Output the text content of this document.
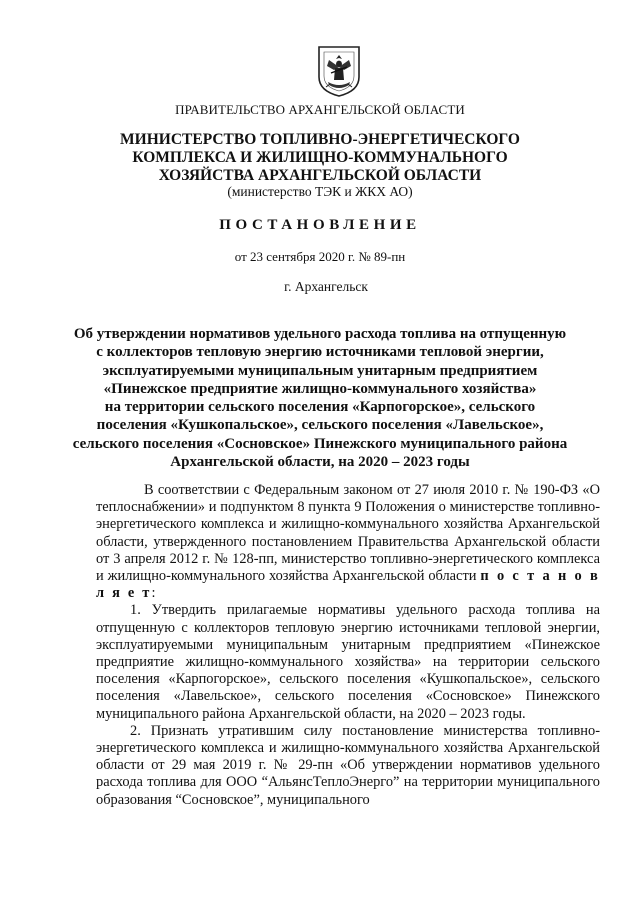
ПРАВИТЕЛЬСТВО АРХАНГЕЛЬСКОЙ ОБЛАСТИ
МИНИСТЕРСТВО ТОПЛИВНО-ЭНЕРГЕТИЧЕСКОГО
КОМПЛЕКСА И ЖИЛИЩНО-КОММУНАЛЬНОГО
ХОЗЯЙСТВА АРХАНГЕЛЬСКОЙ ОБЛАСТИ
(министерство ТЭК и ЖКХ АО)
ПОСТАНОВЛЕНИЕ
от 23 сентября 2020 г. № 89-пн
г. Архангельск
Об утверждении нормативов удельного расхода топлива на отпущенную
с коллекторов тепловую энергию источниками тепловой энергии,
эксплуатируемыми муниципальным унитарным предприятием
«Пинежское предприятие жилищно-коммунального хозяйства»
на территории сельского поселения «Карпогорское», сельского
поселения «Кушкопальское», сельского поселения «Лавельское»,
сельского поселения «Сосновское» Пинежского муниципального района
Архангельской области, на 2020 – 2023 годы

В соответствии с Федеральным законом от 27 июля 2010 г. № 190-ФЗ «О теплоснабжении» и подпунктом 8 пункта 9 Положения о министерстве топливно-энергетического комплекса и жилищно-коммунального хозяйства Архангельской области, утвержденного постановлением Правительства Архангельской области от 3 апреля 2012 г. № 128-пп, министерство топливно-энергетического комплекса и жилищно-коммунального хозяйства Архангельской области п о с т а н о в л я е т:

1. Утвердить прилагаемые нормативы удельного расхода топлива на отпущенную с коллекторов тепловую энергию источниками тепловой энергии, эксплуатируемыми муниципальным унитарным предприятием «Пинежское предприятие жилищно-коммунального хозяйства» на территории сельского поселения «Карпогорское», сельского поселения «Кушкопальское», сельского поселения «Лавельское», сельского поселения «Сосновское» Пинежского муниципального района Архангельской области, на 2020 – 2023 годы.

2. Признать утратившим силу постановление министерства топливно-энергетического комплекса и жилищно-коммунального хозяйства Архангельской области от 29 мая 2019 г. № 29-пн «Об утверждении нормативов удельного расхода топлива для ООО “АльянсТеплоЭнерго” на территории муниципального образования “Сосновское”, муниципального
